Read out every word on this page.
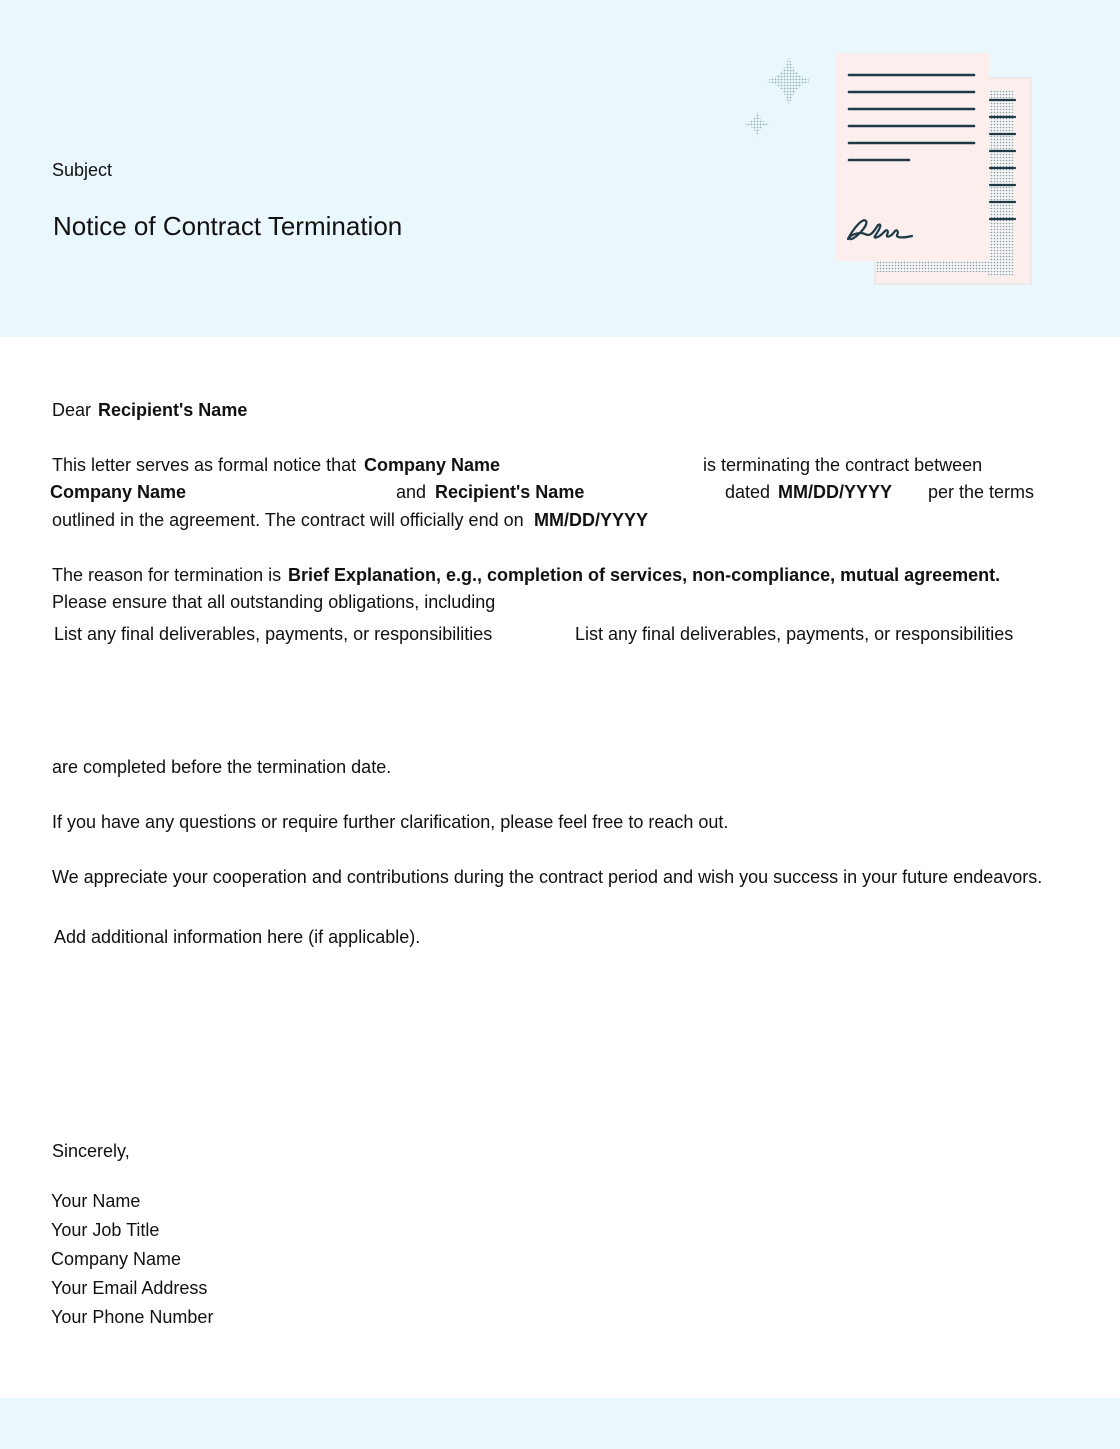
Subject
Notice of Contract Termination
Dear Recipient's Name
This letter serves as formal notice that Company Name	is terminating the contract between
Company Name	and Recipient's Name	dated MM/DD/YYYY per the terms
outlined in the agreement. The contract will officially end on MM/DD/YYYY
The reason for termination is Brief Explanation, e.g., completion of services, non-compliance, mutual agreement.
Please ensure that all outstanding obligations, including
List any final deliverables, payments, or responsibilities	List any final deliverables, payments, or responsibilities
are completed before the termination date.
If you have any questions or require further clarification, please feel free to reach out.
We appreciate your cooperation and contributions during the contract period and wish you success in your future endeavors.
Add additional information here (if applicable).
Sincerely,
Your Name
Your Job Title
Company Name
Your Email Address
Your Phone Number
